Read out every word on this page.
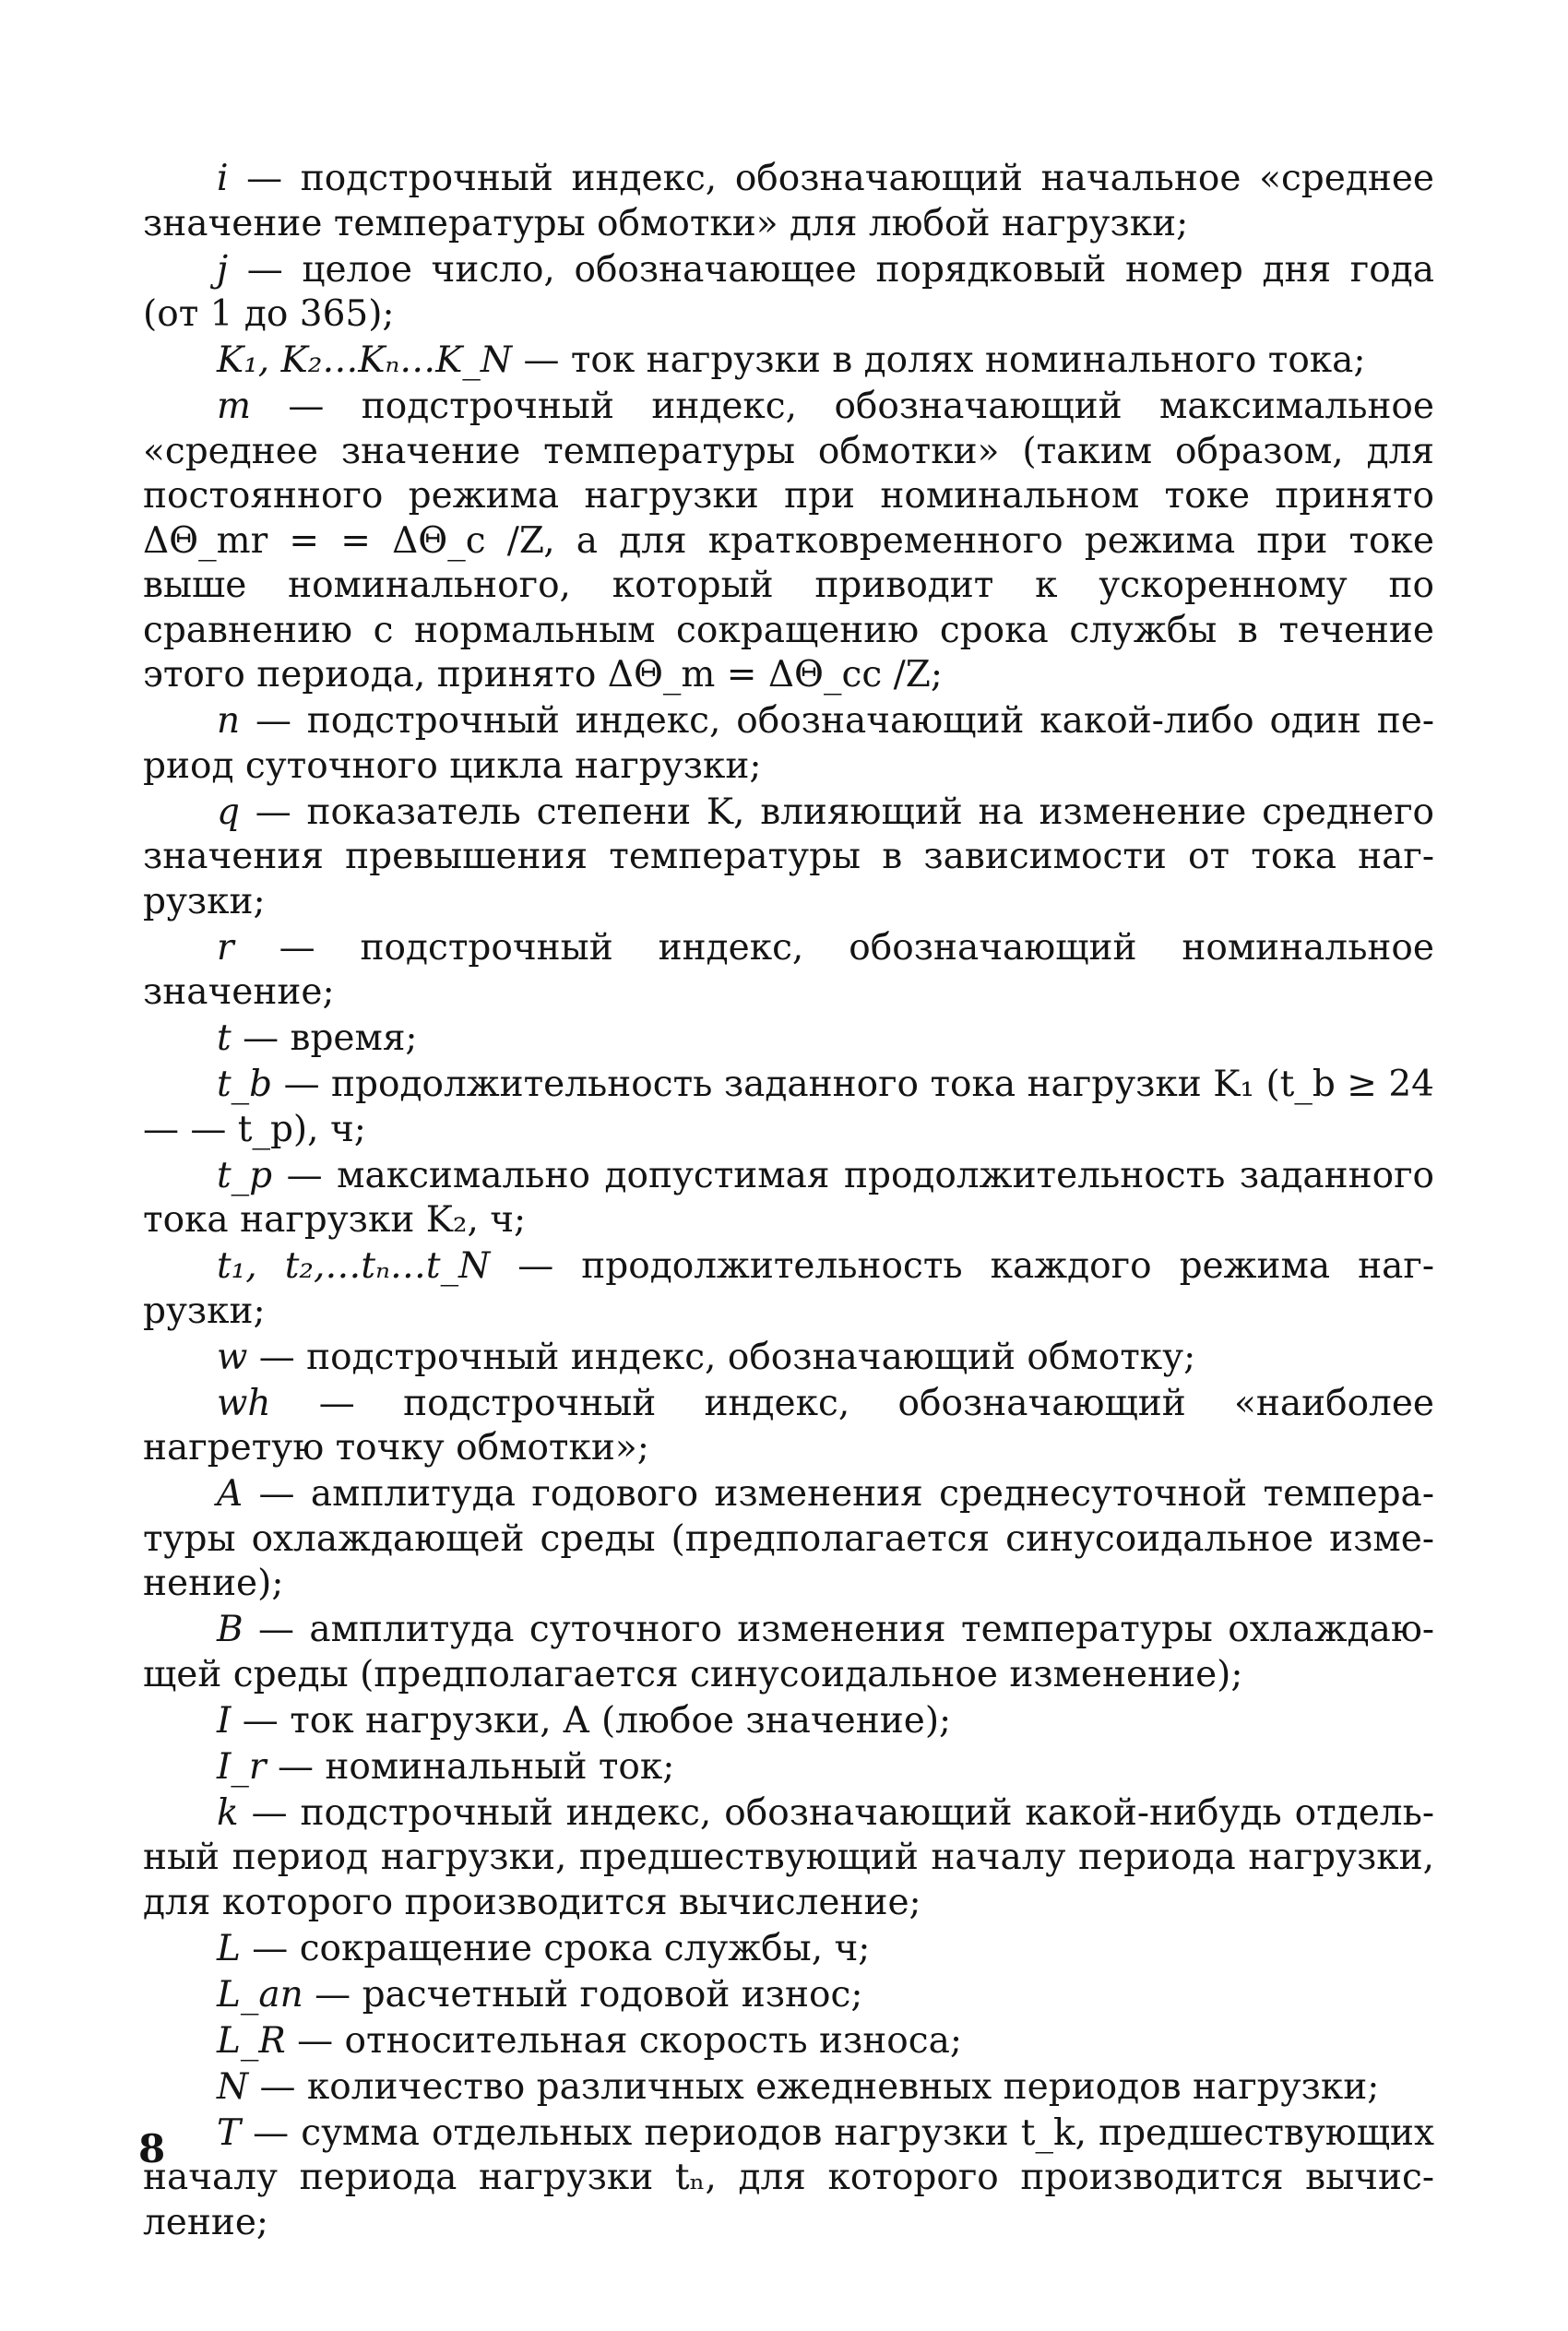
i — подстрочный индекс, обозначающий начальное «среднее значение температуры обмотки» для любой нагрузки;

j — целое число, обозначающее порядковый номер дня года (от 1 до 365);

K₁, K₂…Kₙ…K_N — ток нагрузки в долях номинального тока;

m — подстрочный индекс, обозначающий максимальное «среднее значение температуры обмотки» (таким образом, для постоянного режима нагрузки при номинальном токе принято ΔΘ_mr = = ΔΘ_c /Z, а для кратковременного режима при токе выше номинального, который приводит к ускоренному по сравнению с нормальным сокращению срока службы в течение этого периода, принято ΔΘ_m = ΔΘ_cc /Z;

n — подстрочный индекс, обозначающий какой-либо один период суточного цикла нагрузки;

q — показатель степени K, влияющий на изменение среднего значения превышения температуры в зависимости от тока нагрузки;

r — подстрочный индекс, обозначающий номинальное значение;

t — время;

t_b — продолжительность заданного тока нагрузки K₁ (t_b ≥ 24 — — t_p), ч;

t_p — максимально допустимая продолжительность заданного тока нагрузки K₂, ч;

t₁, t₂,…tₙ…t_N — продолжительность каждого режима нагрузки;

w — подстрочный индекс, обозначающий обмотку;

wh — подстрочный индекс, обозначающий «наиболее нагретую точку обмотки»;

A — амплитуда годового изменения среднесуточной температуры охлаждающей среды (предполагается синусоидальное изменение);

B — амплитуда суточного изменения температуры охлаждающей среды (предполагается синусоидальное изменение);

I — ток нагрузки, А (любое значение);

I_r — номинальный ток;

k — подстрочный индекс, обозначающий какой-нибудь отдельный период нагрузки, предшествующий началу периода нагрузки, для которого производится вычисление;

L — сокращение срока службы, ч;

L_an — расчетный годовой износ;

L_R — относительная скорость износа;

N — количество различных ежедневных периодов нагрузки;

T — сумма отдельных периодов нагрузки t_k, предшествующих началу периода нагрузки tₙ, для которого производится вычисление;

8
